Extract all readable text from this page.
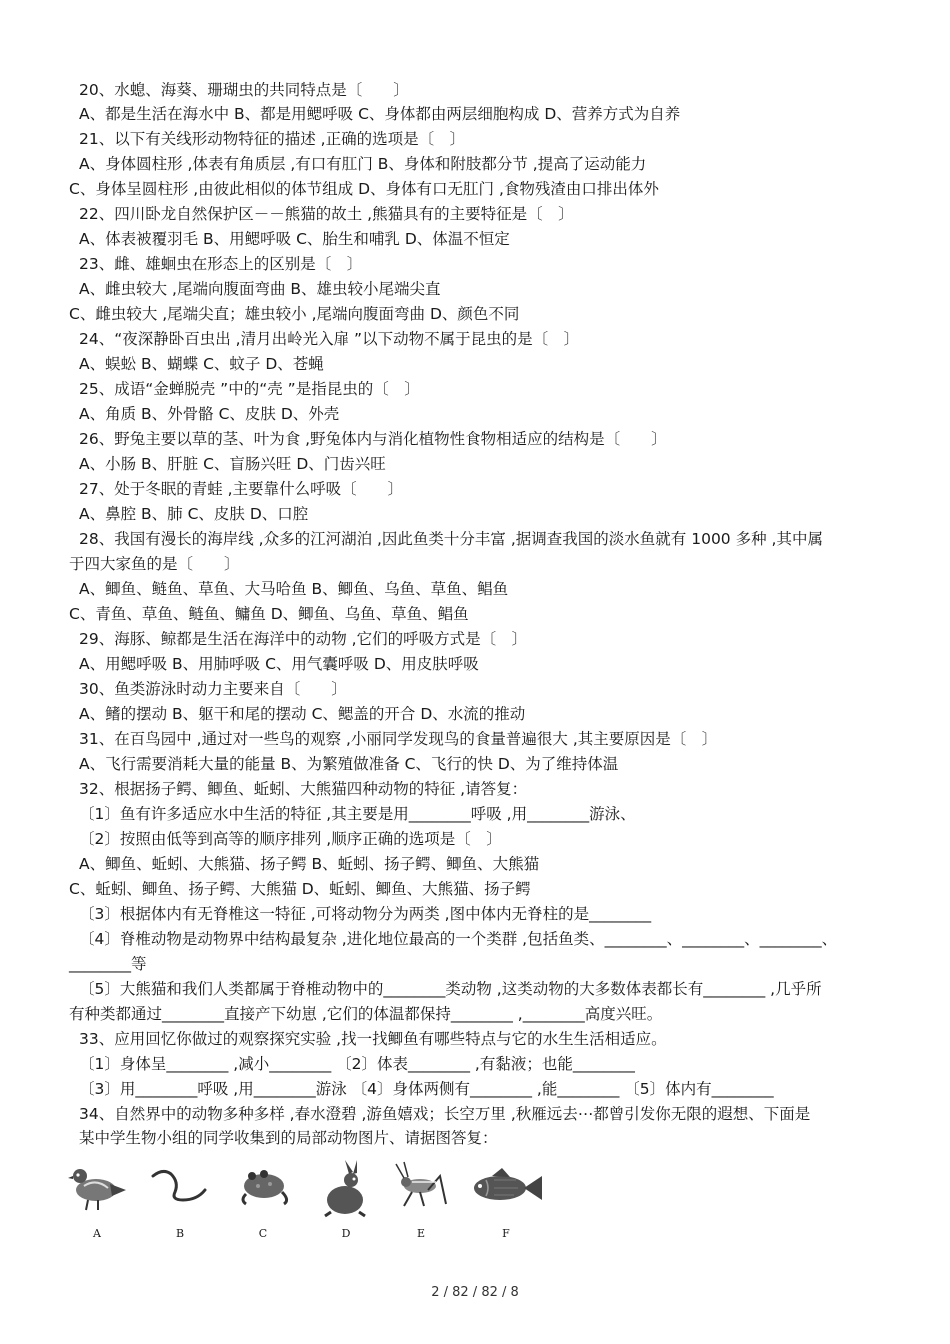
20、水螅、海葵、珊瑚虫的共同特点是〔　　〕
A、都是生活在海水中 B、都是用鳃呼吸 C、身体都由两层细胞构成 D、营养方式为自养
21、以下有关线形动物特征的描述 ,正确的选项是〔　〕
A、身体圆柱形 ,体表有角质层 ,有口有肛门 B、身体和附肢都分节 ,提高了运动能力
C、身体呈圆柱形 ,由彼此相似的体节组成 D、身体有口无肛门 ,食物残渣由口排出体外
22、四川卧龙自然保护区－－熊猫的故土 ,熊猫具有的主要特征是〔　〕
A、体表被覆羽毛 B、用鳃呼吸 C、胎生和哺乳 D、体温不恒定
23、雌、雄蛔虫在形态上的区别是〔　〕
A、雌虫较大 ,尾端向腹面弯曲 B、雄虫较小尾端尖直
C、雌虫较大 ,尾端尖直；雄虫较小 ,尾端向腹面弯曲 D、颜色不同
24、“夜深静卧百虫出 ,清月出岭光入扉 ”以下动物不属于昆虫的是〔　〕
A、蜈蚣 B、蝴蝶 C、蚊子 D、苍蝇
25、成语“金蝉脱壳 ”中的“壳 ”是指昆虫的〔　〕
A、角质 B、外骨骼 C、皮肤 D、外壳
26、野兔主要以草的茎、叶为食 ,野兔体内与消化植物性食物相适应的结构是〔　　〕
A、小肠 B、肝脏 C、盲肠兴旺 D、门齿兴旺
27、处于冬眠的青蛙 ,主要靠什么呼吸〔　　〕
A、鼻腔 B、肺 C、皮肤 D、口腔
28、我国有漫长的海岸线 ,众多的江河湖泊 ,因此鱼类十分丰富 ,据调查我国的淡水鱼就有 1000 多种 ,其中属
于四大家鱼的是〔　　〕
A、鲫鱼、鲢鱼、草鱼、大马哈鱼 B、鲫鱼、乌鱼、草鱼、鲳鱼
C、青鱼、草鱼、鲢鱼、鳙鱼 D、鲫鱼、乌鱼、草鱼、鲳鱼
29、海豚、鲸都是生活在海洋中的动物 ,它们的呼吸方式是〔　〕
A、用鳃呼吸 B、用肺呼吸 C、用气囊呼吸 D、用皮肤呼吸
30、鱼类游泳时动力主要来自〔　　〕
A、鳍的摆动 B、躯干和尾的摆动 C、鳃盖的开合 D、水流的推动
31、在百鸟园中 ,通过对一些鸟的观察 ,小丽同学发现鸟的食量普遍很大 ,其主要原因是〔　〕
A、飞行需要消耗大量的能量 B、为繁殖做准备 C、飞行的快 D、为了维持体温
32、根据扬子鳄、鲫鱼、蚯蚓、大熊猫四种动物的特征 ,请答复：
〔1〕鱼有许多适应水中生活的特征 ,其主要是用________呼吸 ,用________游泳、
〔2〕按照由低等到高等的顺序排列 ,顺序正确的选项是〔　〕
A、鲫鱼、蚯蚓、大熊猫、扬子鳄 B、蚯蚓、扬子鳄、鲫鱼、大熊猫
C、蚯蚓、鲫鱼、扬子鳄、大熊猫 D、蚯蚓、鲫鱼、大熊猫、扬子鳄
〔3〕根据体内有无脊椎这一特征 ,可将动物分为两类 ,图中体内无脊柱的是________
〔4〕脊椎动物是动物界中结构最复杂 ,进化地位最高的一个类群 ,包括鱼类、________、________、________、
________等
〔5〕大熊猫和我们人类都属于脊椎动物中的________类动物 ,这类动物的大多数体表都长有________ ,几乎所
有种类都通过________直接产下幼崽 ,它们的体温都保持________ ,________高度兴旺。
33、应用回忆你做过的观察探究实验 ,找一找鲫鱼有哪些特点与它的水生生活相适应。
〔1〕身体呈________ ,减小________ 〔2〕体表________ ,有黏液；也能________
〔3〕用________呼吸 ,用________游泳 〔4〕身体两侧有________ ,能________ 〔5〕体内有________
34、自然界中的动物多种多样 ,春水澄碧 ,游鱼嬉戏；长空万里 ,秋雁远去⋯都曾引发你无限的遐想、下面是
某中学生物小组的同学收集到的局部动物图片、请据图答复：
A	B	C	D	E	F
2 / 82 / 82 / 8
